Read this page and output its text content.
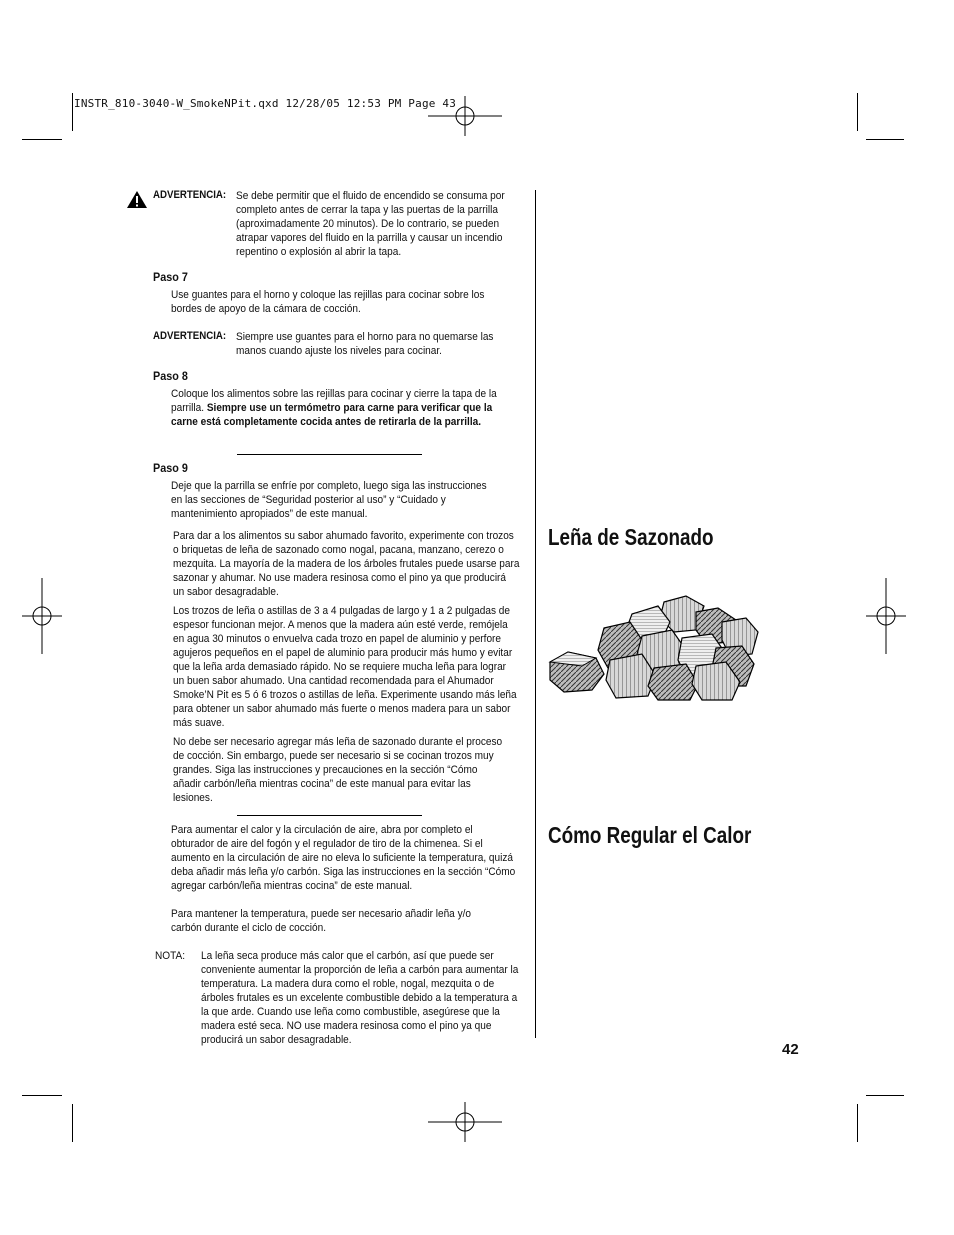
INSTR_810-3040-W_SmokeNPit.qxd 12/28/05 12:53 PM Page 43
ADVERTENCIA: Se debe permitir que el fluido de encendido se consuma por completo antes de cerrar la tapa y las puertas de la parrilla (aproximadamente 20 minutos). De lo contrario, se pueden atrapar vapores del fluido en la parrilla y causar un incendio repentino o explosión al abrir la tapa.
Paso 7
Use guantes para el horno y coloque las rejillas para cocinar sobre los bordes de apoyo de la cámara de cocción.
ADVERTENCIA: Siempre use guantes para el horno para no quemarse las manos cuando ajuste los niveles para cocinar.
Paso 8
Coloque los alimentos sobre las rejillas para cocinar y cierre la tapa de la parrilla. Siempre use un termómetro para carne para verificar que la carne está completamente cocida antes de retirarla de la parrilla.
Paso 9
Deje que la parrilla se enfríe por completo, luego siga las instrucciones en las secciones de “Seguridad posterior al uso” y “Cuidado y mantenimiento apropiados” de este manual.
Para dar a los alimentos su sabor ahumado favorito, experimente con trozos o briquetas de leña de sazonado como nogal, pacana, manzano, cerezo o mezquita. La mayoría de la madera de los árboles frutales puede usarse para sazonar y ahumar. No use madera resinosa como el pino ya que producirá un sabor desagradable.
Los trozos de leña o astillas de 3 a 4 pulgadas de largo y 1 a 2 pulgadas de espesor funcionan mejor. A menos que la madera aún esté verde, remójela en agua 30 minutos o envuelva cada trozo en papel de aluminio y perfore agujeros pequeños en el papel de aluminio para producir más humo y evitar que la leña arda demasiado rápido. No se requiere mucha leña para lograr un buen sabor ahumado. Una cantidad recomendada para el Ahumador Smoke’N Pit es 5 ó 6 trozos o astillas de leña. Experimente usando más leña para obtener un sabor ahumado más fuerte o menos madera para un sabor más suave.
No debe ser necesario agregar más leña de sazonado durante el proceso de cocción. Sin embargo, puede ser necesario si se cocinan trozos muy grandes. Siga las instrucciones y precauciones en la sección “Cómo añadir carbón/leña mientras cocina” de este manual para evitar las lesiones.
Leña de Sazonado
Cómo Regular el Calor
Para aumentar el calor y la circulación de aire, abra por completo el obturador de aire del fogón y el regulador de tiro de la chimenea. Si el aumento en la circulación de aire no eleva lo suficiente la temperatura, quizá deba añadir más leña y/o carbón. Siga las instrucciones en la sección “Cómo agregar carbón/leña mientras cocina” de este manual.
Para mantener la temperatura, puede ser necesario añadir leña y/o carbón durante el ciclo de cocción.
NOTA:	La leña seca produce más calor que el carbón, así que puede ser conveniente aumentar la proporción de leña a carbón para aumentar la temperatura. La madera dura como el roble, nogal, mezquita o de árboles frutales es un excelente combustible debido a la temperatura a la que arde. Cuando use leña como combustible, asegúrese que la madera esté seca. NO use madera resinosa como el pino ya que producirá un sabor desagradable.
42
